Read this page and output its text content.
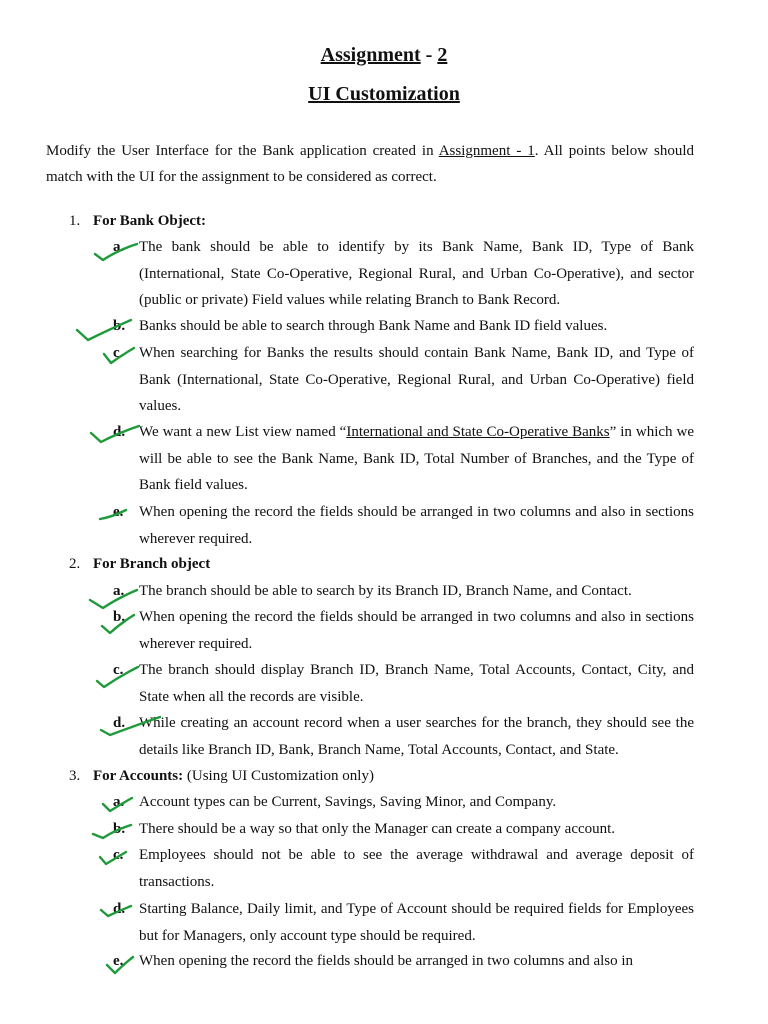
Assignment - 2
UI Customization
Modify the User Interface for the Bank application created in Assignment - 1. All points below should match with the UI for the assignment to be considered as correct.
1. For Bank Object:
a. The bank should be able to identify by its Bank Name, Bank ID, Type of Bank (International, State Co-Operative, Regional Rural, and Urban Co-Operative), and sector (public or private) Field values while relating Branch to Bank Record.
b. Banks should be able to search through Bank Name and Bank ID field values.
c.	When searching for Banks the results should contain Bank Name, Bank ID, and Type of Bank (International, State Co-Operative, Regional Rural, and Urban Co-Operative) field values.
d. We want a new List view named “International and State Co-Operative Banks” in which we will be able to see the Bank Name, Bank ID, Total Number of Branches, and the Type of Bank field values.
e.	When opening the record the fields should be arranged in two columns and also in sections wherever required.
2. For Branch object
a. The branch should be able to search by its Branch ID, Branch Name, and Contact.
b. When opening the record the fields should be arranged in two columns and also in sections wherever required.
c.	The branch should display Branch ID, Branch Name, Total Accounts, Contact, City, and State when all the records are visible.
d. While creating an account record when a user searches for the branch, they should see the details like Branch ID, Bank, Branch Name, Total Accounts, Contact, and State.
3. For Accounts: (Using UI Customization only)
a. Account types can be Current, Savings, Saving Minor, and Company.
b. There should be a way so that only the Manager can create a company account.
c.	Employees should not be able to see the average withdrawal and average deposit of transactions.
d. Starting Balance, Daily limit, and Type of Account should be required fields for Employees but for Managers, only account type should be required.
e.	When opening the record the fields should be arranged in two columns and also in
